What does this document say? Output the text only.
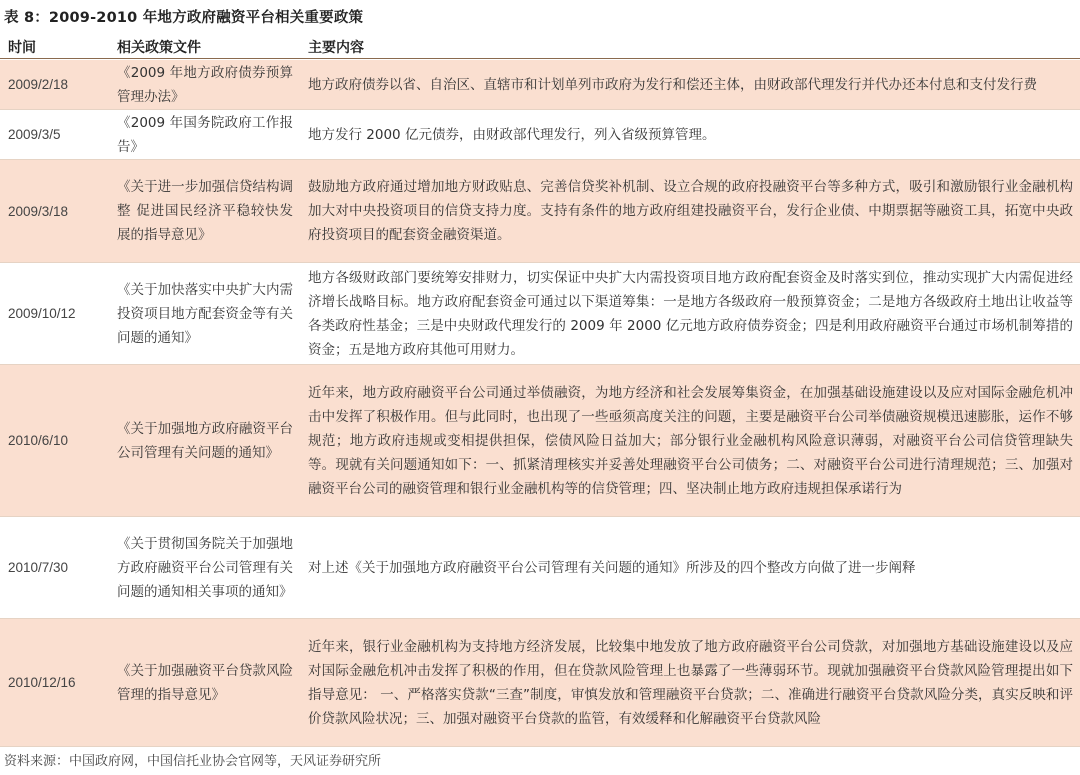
表 8：2009-2010 年地方政府融资平台相关重要政策
时间	相关政策文件	主要内容
2009/2/18
《2009 年地方政府债券预算管理办法》
地方政府债券以省、自治区、直辖市和计划单列市政府为发行和偿还主体，由财政部代理发行并代办还本付息和支付发行费
2009/3/5
《2009 年国务院政府工作报告》
地方发行 2000 亿元债券，由财政部代理发行，列入省级预算管理。
2009/3/18
《关于进一步加强信贷结构调整 促进国民经济平稳较快发展的指导意见》
鼓励地方政府通过增加地方财政贴息、完善信贷奖补机制、设立合规的政府投融资平台等多种方式，吸引和激励银行业金融机构加大对中央投资项目的信贷支持力度。支持有条件的地方政府组建投融资平台，发行企业债、中期票据等融资工具，拓宽中央政府投资项目的配套资金融资渠道。
2009/10/12
《关于加快落实中央扩大内需投资项目地方配套资金等有关问题的通知》
地方各级财政部门要统筹安排财力，切实保证中央扩大内需投资项目地方政府配套资金及时落实到位，推动实现扩大内需促进经济增长战略目标。地方政府配套资金可通过以下渠道筹集：一是地方各级政府一般预算资金；二是地方各级政府土地出让收益等各类政府性基金；三是中央财政代理发行的 2009 年 2000 亿元地方政府债券资金；四是利用政府融资平台通过市场机制筹措的资金；五是地方政府其他可用财力。
2010/6/10
《关于加强地方政府融资平台公司管理有关问题的通知》
近年来，地方政府融资平台公司通过举债融资，为地方经济和社会发展筹集资金，在加强基础设施建设以及应对国际金融危机冲击中发挥了积极作用。但与此同时，也出现了一些亟须高度关注的问题，主要是融资平台公司举债融资规模迅速膨胀，运作不够规范；地方政府违规或变相提供担保，偿债风险日益加大；部分银行业金融机构风险意识薄弱，对融资平台公司信贷管理缺失等。现就有关问题通知如下：一、抓紧清理核实并妥善处理融资平台公司债务；二、对融资平台公司进行清理规范；三、加强对融资平台公司的融资管理和银行业金融机构等的信贷管理；四、坚决制止地方政府违规担保承诺行为
2010/7/30
《关于贯彻国务院关于加强地方政府融资平台公司管理有关问题的通知相关事项的通知》
对上述《关于加强地方政府融资平台公司管理有关问题的通知》所涉及的四个整改方向做了进一步阐释
2010/12/16
《关于加强融资平台贷款风险管理的指导意见》
近年来，银行业金融机构为支持地方经济发展，比较集中地发放了地方政府融资平台公司贷款，对加强地方基础设施建设以及应对国际金融危机冲击发挥了积极的作用，但在贷款风险管理上也暴露了一些薄弱环节。现就加强融资平台贷款风险管理提出如下指导意见： 一、严格落实贷款“三查”制度，审慎发放和管理融资平台贷款；二、准确进行融资平台贷款风险分类，真实反映和评价贷款风险状况；三、加强对融资平台贷款的监管，有效缓释和化解融资平台贷款风险
资料来源：中国政府网，中国信托业协会官网等，天风证券研究所
